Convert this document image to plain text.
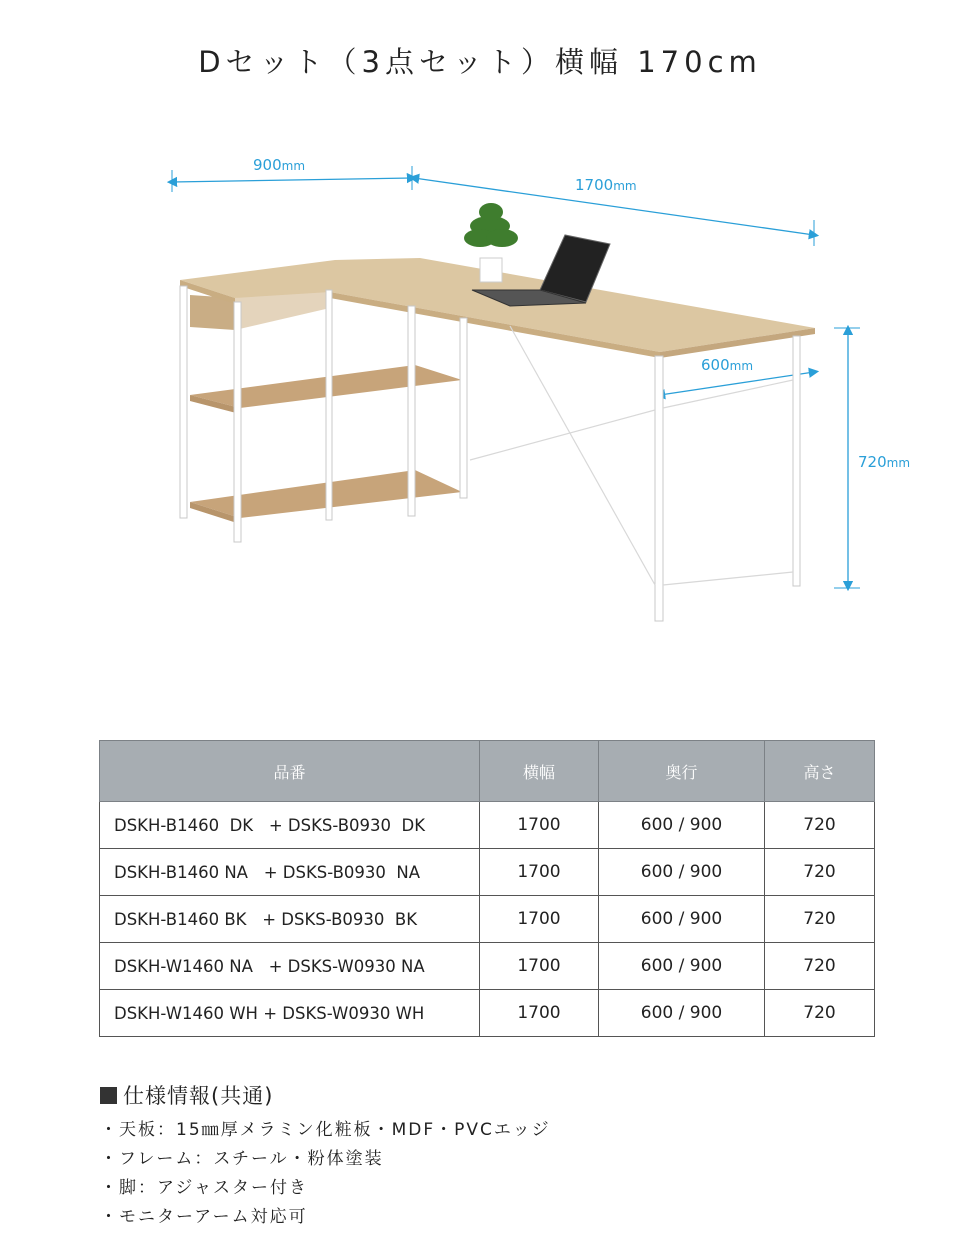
Dセット（3点セット）横幅 170cm
900mm
1700mm
600mm
720mm
品番	横幅	奥行	高さ
DSKH-B1460  DK   + DSKS-B0930  DK	1700	600 / 900	720
DSKH-B1460 NA   + DSKS-B0930  NA	1700	600 / 900	720
DSKH-B1460 BK   + DSKS-B0930  BK	1700	600 / 900	720
DSKH-W1460 NA   + DSKS-W0930 NA	1700	600 / 900	720
DSKH-W1460 WH + DSKS-W0930 WH	1700	600 / 900	720
仕様情報(共通)
・天板：15㎜厚メラミン化粧板・MDF・PVCエッジ
・フレーム：スチール・粉体塗装
・脚：アジャスター付き
・モニターアーム対応可
